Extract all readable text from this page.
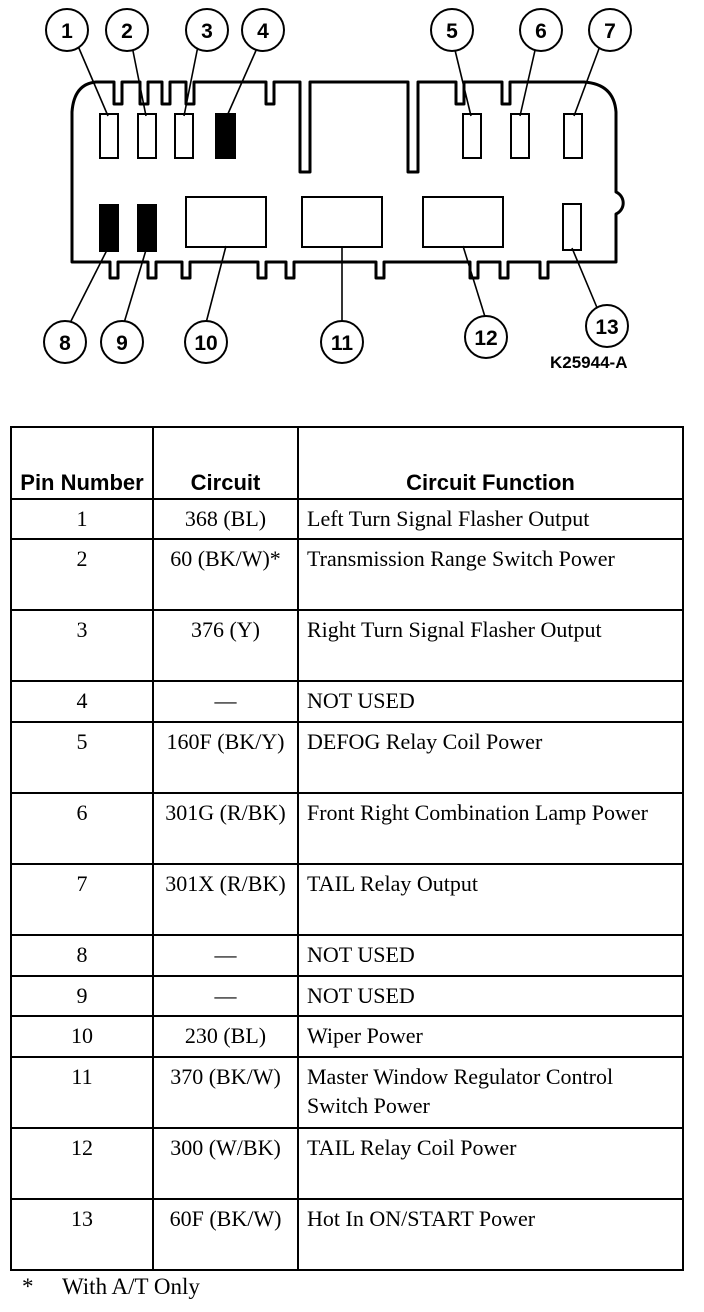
1 2	3 4	5	6	7
8 9	10	11	12	13
K25944-A
Pin Number	Circuit	Circuit Function
1	368 (BL)	Left Turn Signal Flasher Output
2	60 (BK/W)*	Transmission Range Switch Power
3	376 (Y)	Right Turn Signal Flasher Output
4	—	NOT USED
5	160F (BK/Y)	DEFOG Relay Coil Power
6	301G (R/BK)	Front Right Combination Lamp Power
7	301X (R/BK)	TAIL Relay Output
8	—	NOT USED
9	—	NOT USED
10	230 (BL)	Wiper Power
11	370 (BK/W)	Master Window Regulator Control Switch Power
12	300 (W/BK)	TAIL Relay Coil Power
13	60F (BK/W)	Hot In ON/START Power
* With A/T Only
